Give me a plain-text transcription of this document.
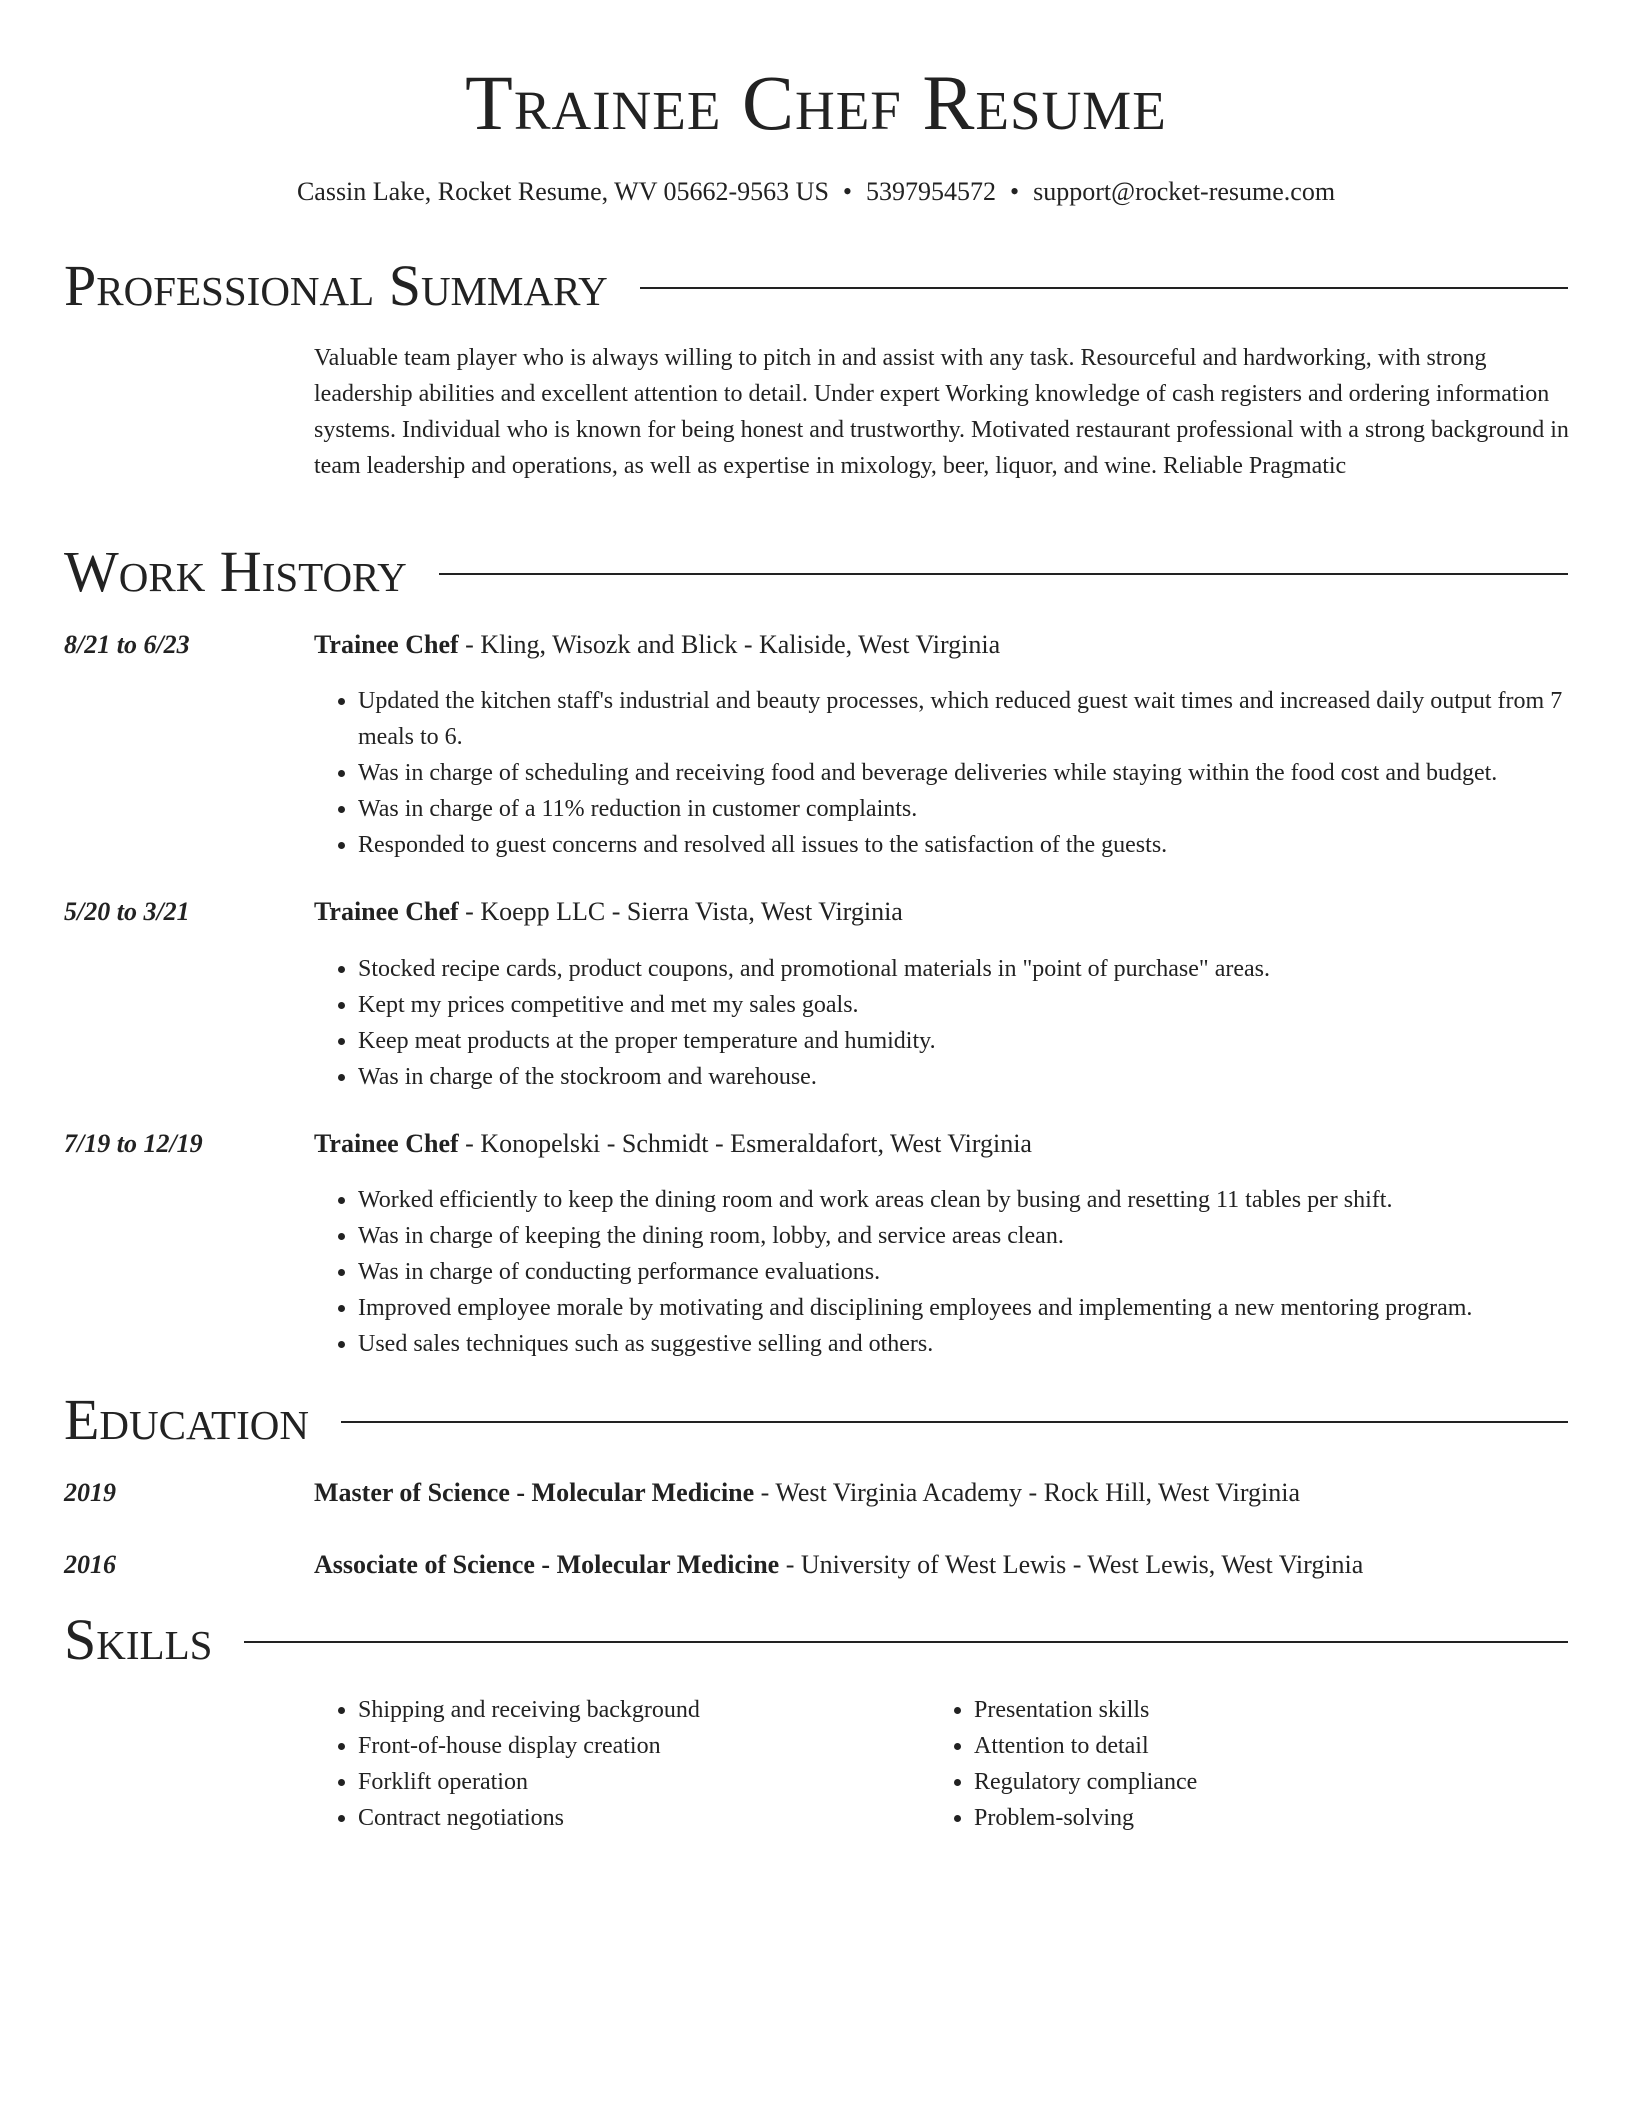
Trainee Chef Resume
Cassin Lake, Rocket Resume, WV 05662-9563 US • 5397954572 • support@rocket-resume.com
Professional Summary

Valuable team player who is always willing to pitch in and assist with any task. Resourceful and hardworking, with strong leadership abilities and excellent attention to detail. Under expert Working knowledge of cash registers and ordering information systems. Individual who is known for being honest and trustworthy. Motivated restaurant professional with a strong background in team leadership and operations, as well as expertise in mixology, beer, liquor, and wine. Reliable Pragmatic

Work History
8/21 to 6/23	Trainee Chef - Kling, Wisozk and Blick - Kaliside, West Virginia
• Updated the kitchen staff's industrial and beauty processes, which reduced guest wait times and increased daily output from 7 meals to 6.
• Was in charge of scheduling and receiving food and beverage deliveries while staying within the food cost and budget.
• Was in charge of a 11% reduction in customer complaints.
• Responded to guest concerns and resolved all issues to the satisfaction of the guests.
5/20 to 3/21	Trainee Chef - Koepp LLC - Sierra Vista, West Virginia
• Stocked recipe cards, product coupons, and promotional materials in "point of purchase" areas.
• Kept my prices competitive and met my sales goals.
• Keep meat products at the proper temperature and humidity.
• Was in charge of the stockroom and warehouse.
7/19 to 12/19	Trainee Chef - Konopelski - Schmidt - Esmeraldafort, West Virginia
• Worked efficiently to keep the dining room and work areas clean by busing and resetting 11 tables per shift.
• Was in charge of keeping the dining room, lobby, and service areas clean.
• Was in charge of conducting performance evaluations.
• Improved employee morale by motivating and disciplining employees and implementing a new mentoring program.
• Used sales techniques such as suggestive selling and others.
Education
2019	Master of Science - Molecular Medicine - West Virginia Academy - Rock Hill, West Virginia
2016	Associate of Science - Molecular Medicine - University of West Lewis - West Lewis, West Virginia
Skills
• Shipping and receiving background
• Front-of-house display creation
• Forklift operation
• Contract negotiations
• Presentation skills
• Attention to detail
• Regulatory compliance
• Problem-solving
